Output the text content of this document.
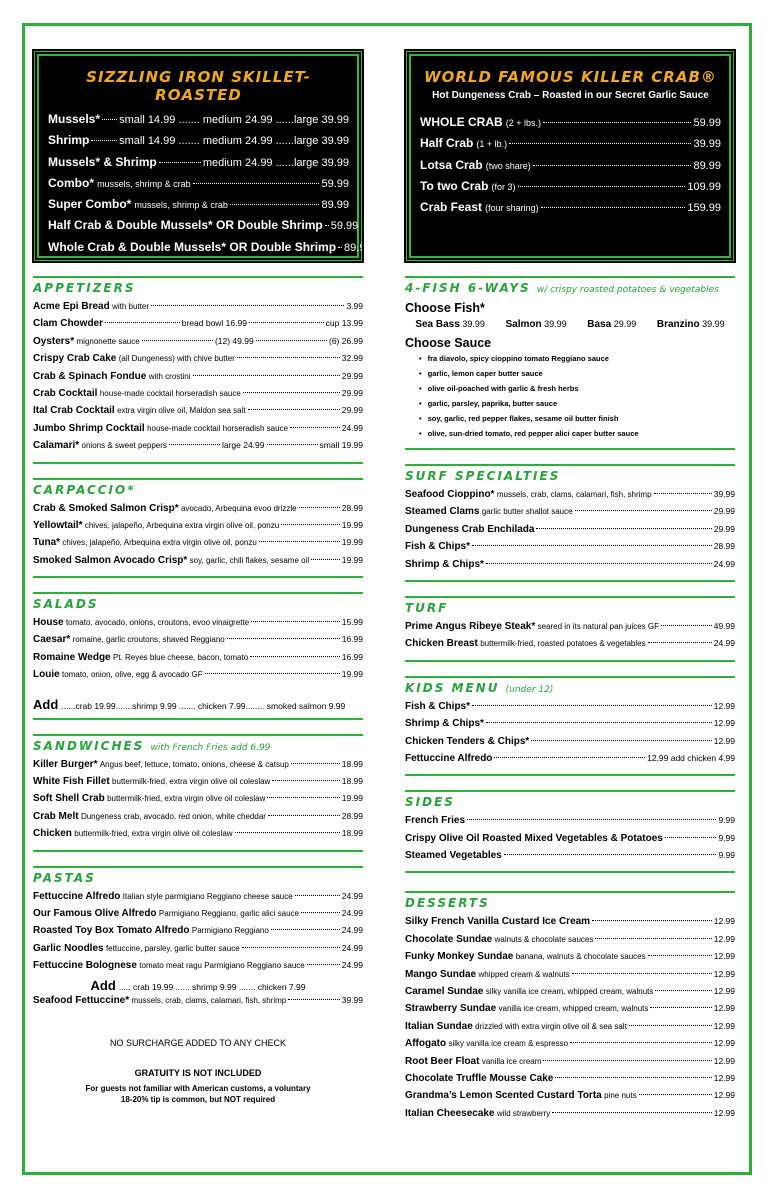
SIZZLING IRON SKILLET-ROASTED
Mussels* small 14.99 ....... medium 24.99 ......large 39.99
Shrimp	small 14.99 ....... medium 24.99 ......large 39.99
Mussels* & Shrimp	medium 24.99 ......large 39.99
Combo*
mussels, shrimp & crab	59.99
Super Combo*
mussels, shrimp & crab	89.99
Half Crab & Double Mussels* OR Double Shrimp 59.99
Whole Crab & Double Mussels* OR Double Shrimp 89.99
APPETIZERS
Acme Epi Bread
with butter	3.99
Clam Chowder	bread bowl 16.99	cup 13.99
Oysters*
mignonette sauce	(12) 49.99	(6) 26.99
Crispy Crab Cake
(all Dungeness) with chive butter	32.99
Crab & Spinach Fondue
with crostini	29.99
Crab Cocktail
house-made cocktail horseradish sauce	29.99
Ital Crab Cocktail
extra virgin olive oil, Maldon sea salt	29.99
Jumbo Shrimp Cocktail
house-made cocktail horseradish sauce	24.99
Calamari*
onions & sweet peppers	large 24.99	small 19.99
CARPACCIO*
Crab & Smoked Salmon Crisp*
avocado, Arbequina evoo drizzle	28.99
Yellowtail*
chives, jalapeño, Arbequina extra virgin olive oil, ponzu	19.99
Tuna*
chives, jalapeño, Arbequina extra virgin olive oil, ponzu	19.99
Smoked Salmon Avocado Crisp*
soy, garlic, chili flakes, sesame oil	19.99
SALADS
House
tomato, avocado, onions, croutons, evoo vinaigrette	15.99
Caesar*
romaine, garlic croutons, shaved Reggiano	16.99
Romaine Wedge
Pt. Reyes blue cheese, bacon, tomato	16.99
Louie
tomato, onion, olive, egg & avocado GF	19.99
Add ......crab 19.99.......shrimp 9.99 ....... chicken 7.99........ smoked salmon 9.99
SANDWICHES with French Fries add 6.99
Killer Burger*
Angus beef, lettuce, tomato, onions, cheese & catsup	18.99
White Fish Fillet
buttermilk-fried, extra virgin olive oil coleslaw	18.99
Soft Shell Crab
buttermilk-fried, extra virgin olive oil coleslaw	19.99
Crab Melt
Dungeness crab, avocado, red onion, white cheddar	28.99
Chicken
buttermilk-fried, extra virgin olive oil coleslaw	18.99
PASTAS
Fettuccine Alfredo
Italian style parmigiano Reggiano cheese sauce	24.99
Our Famous Olive Alfredo
Parmigiano Reggiano, garlic alici sauce	24.99
Roasted Toy Box Tomato Alfredo
Parmigiano Reggiano	24.99
Garlic Noodles
fettuccine, parsley, garlic butter sauce	24.99
Fettuccine Bolognese
tomato meat ragu Parmigiano Reggiano sauce	24.99
Add ..... crab 19.99 ...... shrimp 9.99 ....... chicken 7.99
Seafood Fettuccine*
mussels, crab, clams, calamari, fish, shrimp	39.99

NO SURCHARGE ADDED TO ANY CHECK

GRATUITY IS NOT INCLUDED

For guests not familiar with American customs, a voluntary

18-20% tip is common, but NOT required

WORLD FAMOUS KILLER CRAB®
Hot Dungeness Crab – Roasted in our Secret Garlic Sauce
WHOLE CRAB
(2 + lbs.)	59.99
Half Crab
(1 + lb.)	39.99
Lotsa Crab
(two share)	89.99
To two Crab
(for 3)	109.99
Crab Feast
(four sharing)	159.99
4-FISH 6-WAYS w/ crispy roasted potatoes & vegetables
Choose Fish*
Sea Bass 39.99 Salmon 39.99 Basa 29.99 Branzino 39.99
Choose Sauce
• fra diavolo, spicy cioppino tomato Reggiano sauce
• garlic, lemon caper butter sauce
• olive oil-poached with garlic & fresh herbs
• garlic, parsley, paprika, butter sauce
• soy, garlic, red pepper flakes, sesame oil butter finish
• olive, sun-dried tomato, red pepper alici caper butter sauce
SURF SPECIALTIES
Seafood Cioppino*
mussels, crab, clams, calamari, fish, shrimp	39.99
Steamed Clams
garlic butter shallot sauce	29.99
Dungeness Crab Enchilada	29.99
Fish & Chips*	28.99
Shrimp & Chips*	24.99
TURF
Prime Angus Ribeye Steak*
seared in its natural pan juices GF	49.99
Chicken Breast
buttermilk-fried, roasted potatoes & vegetables	24.99
KIDS MENU (under 12)
Fish & Chips*	12.99
Shrimp & Chips*	12.99
Chicken Tenders & Chips*	12.99
Fettuccine Alfredo	12.99 add chicken 4.99
SIDES
French Fries	9.99
Crispy Olive Oil Roasted Mixed Vegetables & Potatoes	9.99
Steamed Vegetables	9.99
DESSERTS
Silky French Vanilla Custard Ice Cream	12.99
Chocolate Sundae
walnuts & chocolate sauces	12.99
Funky Monkey Sundae
banana, walnuts & chocolate sauces	12.99
Mango Sundae
whipped cream & walnuts	12.99
Caramel Sundae
silky vanilla ice cream, whipped cream, walnuts	12.99
Strawberry Sundae
vanilla ice cream, whipped cream, walnuts	12.99
Italian Sundae
drizzled with extra virgin olive oil & sea salt	12.99
Affogato
silky vanilla ice cream & espresso	12.99
Root Beer Float
vanilla ice cream	12.99
Chocolate Truffle Mousse Cake	12.99
Grandma’s Lemon Scented Custard Torta
pine nuts	12.99
Italian Cheesecake
wild strawberry	12.99
